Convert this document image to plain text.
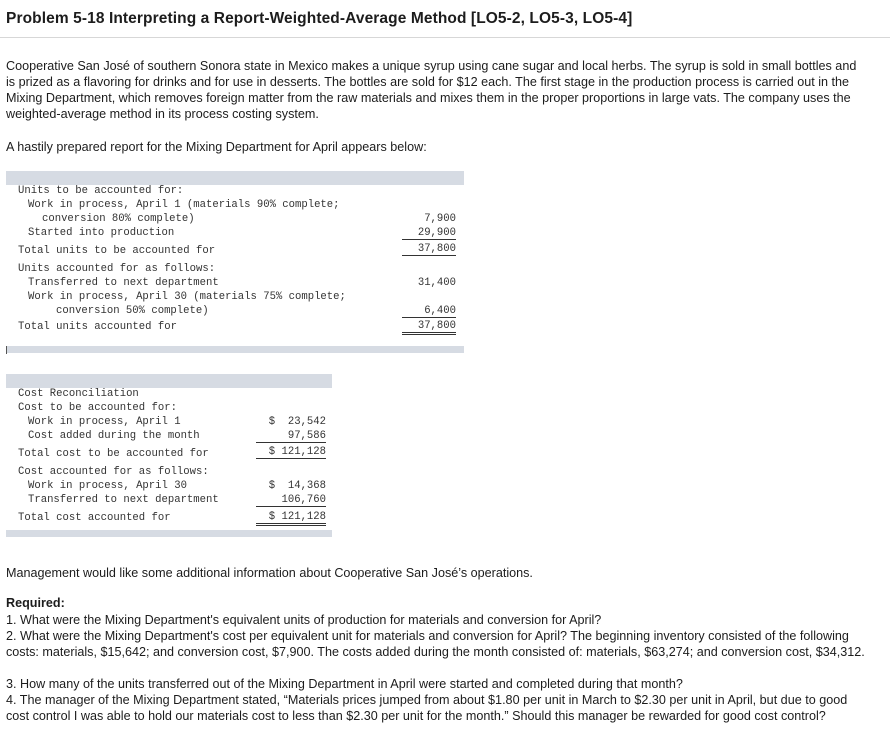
Problem 5-18 Interpreting a Report-Weighted-Average Method [LO5-2, LO5-3, LO5-4]
Cooperative San José of southern Sonora state in Mexico makes a unique syrup using cane sugar and local herbs. The syrup is sold in small bottles and is prized as a flavoring for drinks and for use in desserts. The bottles are sold for $12 each. The first stage in the production process is carried out in the Mixing Department, which removes foreign matter from the raw materials and mixes them in the proper proportions in large vats. The company uses the weighted-average method in its process costing system.
A hastily prepared report for the Mixing Department for April appears below:
Units to be accounted for:
Work in process, April 1 (materials 90% complete;
conversion 80% complete)	7,900
Started into production	29,900
Total units to be accounted for	37,800
Units accounted for as follows:
Transferred to next department	31,400
Work in process, April 30 (materials 75% complete;
conversion 50% complete)	6,400
Total units accounted for	37,800
Cost Reconciliation
Cost to be accounted for:
Work in process, April 1	$  23,542
Cost added during the month	97,586
Total cost to be accounted for	$ 121,128
Cost accounted for as follows:
Work in process, April 30	$  14,368
Transferred to next department	106,760
Total cost accounted for	$ 121,128
Management would like some additional information about Cooperative San José’s operations.
Required:
1. What were the Mixing Department's equivalent units of production for materials and conversion for April?
2. What were the Mixing Department's cost per equivalent unit for materials and conversion for April? The beginning inventory consisted of the following costs: materials, $15,642; and conversion cost, $7,900. The costs added during the month consisted of: materials, $63,274; and conversion cost, $34,312.
3. How many of the units transferred out of the Mixing Department in April were started and completed during that month?
4. The manager of the Mixing Department stated, “Materials prices jumped from about $1.80 per unit in March to $2.30 per unit in April, but due to good cost control I was able to hold our materials cost to less than $2.30 per unit for the month.” Should this manager be rewarded for good cost control?
